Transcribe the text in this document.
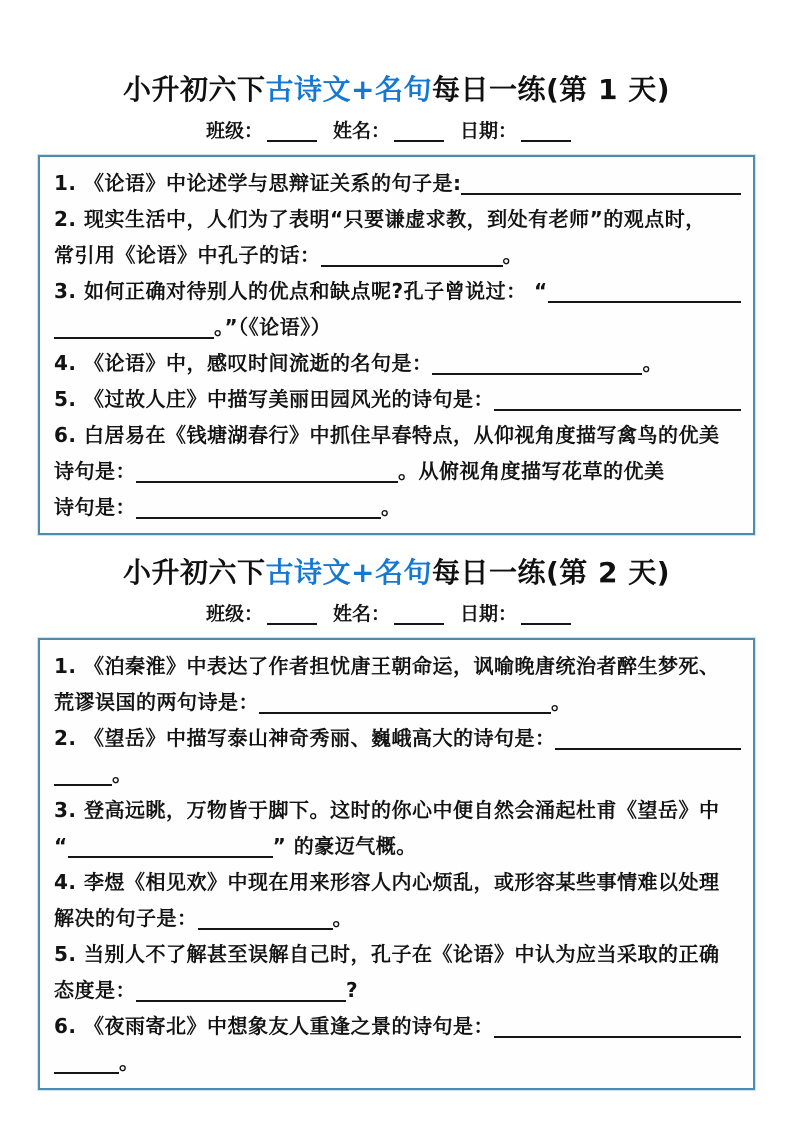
小升初六下古诗文+名句每日一练(第 1 天)
班级：	姓名：	日期：
1. 《论语》中论述学与思辩证关系的句子是:
2. 现实生活中，人们为了表明“只要谦虚求教，到处有老师”的观点时，
常引用《论语》中孔子的话：	。
3. 如何正确对待别人的优点和缺点呢?孔子曾说过： “
。”（《论语》）
4. 《论语》中，感叹时间流逝的名句是：	。
5. 《过故人庄》中描写美丽田园风光的诗句是：
6. 白居易在《钱塘湖春行》中抓住早春特点，从仰视角度描写禽鸟的优美
诗句是：	。从俯视角度描写花草的优美
诗句是：	。
小升初六下古诗文+名句每日一练(第 2 天)
班级：	姓名：	日期：
1. 《泊秦淮》中表达了作者担忧唐王朝命运，讽喻晚唐统治者醉生梦死、
荒谬误国的两句诗是：	。
2. 《望岳》中描写泰山神奇秀丽、巍峨高大的诗句是：
。
3. 登高远眺，万物皆于脚下。这时的你心中便自然会涌起杜甫《望岳》中
“	” 的豪迈气概。
4. 李煜《相见欢》中现在用来形容人内心烦乱，或形容某些事情难以处理
解决的句子是：	。
5. 当别人不了解甚至误解自己时，孔子在《论语》中认为应当采取的正确
态度是：	?
6. 《夜雨寄北》中想象友人重逢之景的诗句是：
。
